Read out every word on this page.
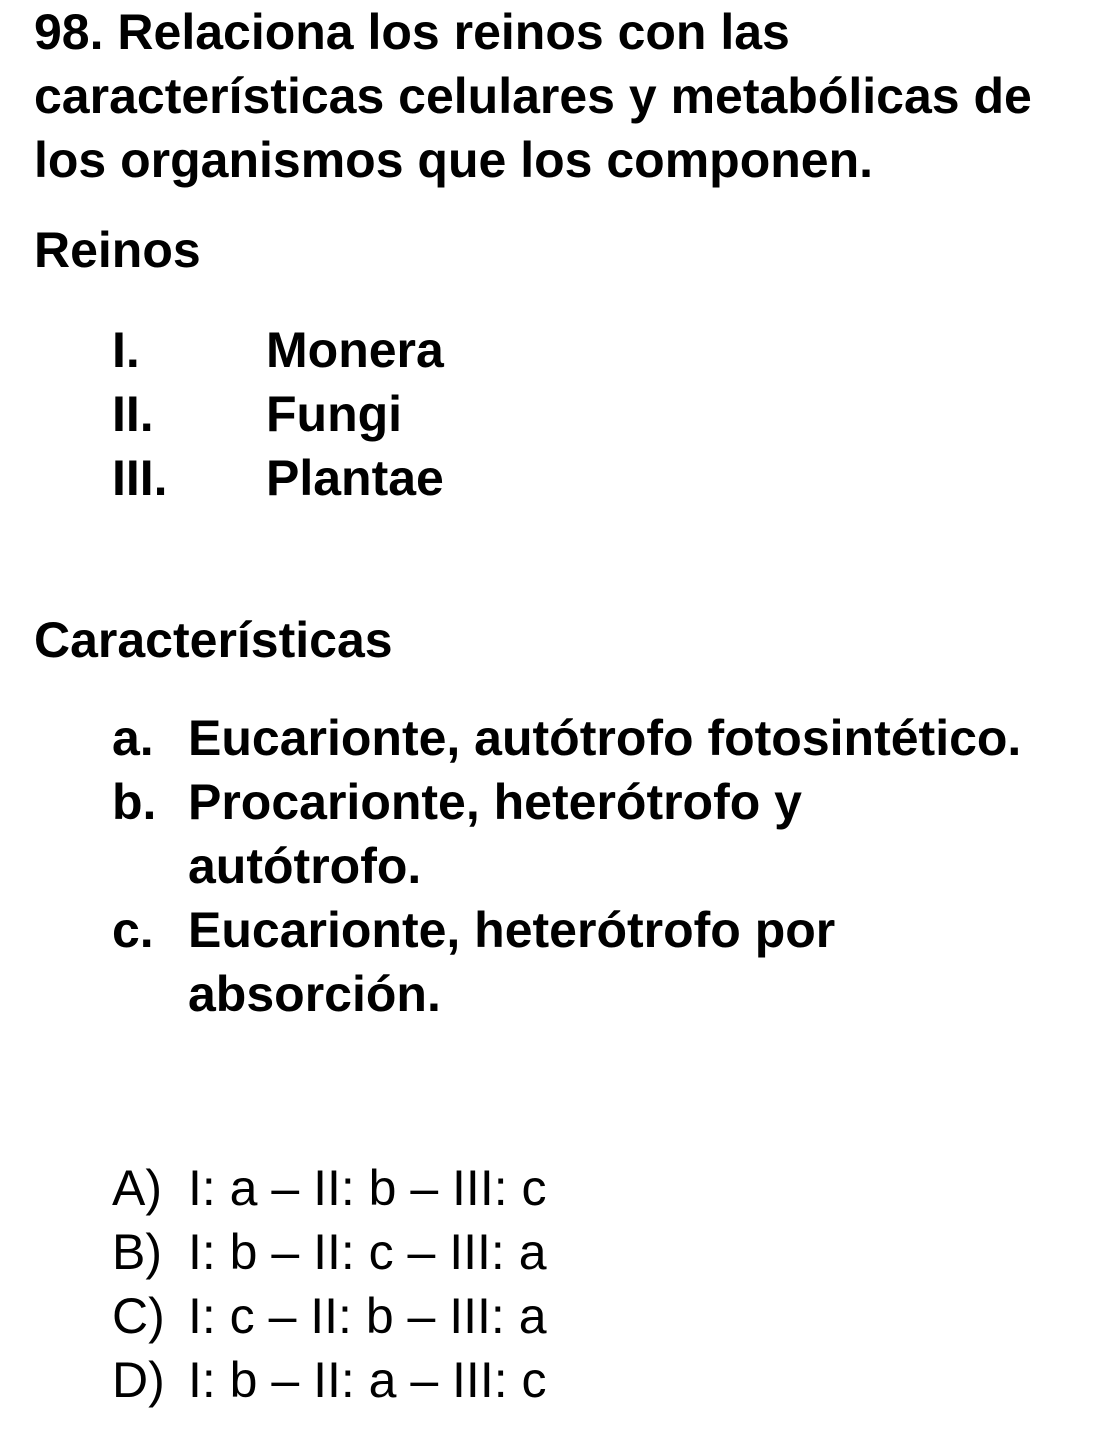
98. Relaciona los reinos con las características celulares y metabólicas de los organismos que los componen.
Reinos
I.	Monera
II. Fungi
III. Plantae
Características
a. Eucarionte, autótrofo fotosintético.
b. Procarionte, heterótrofo y autótrofo.
c. Eucarionte, heterótrofo por absorción.
A) I: a – II: b – III: c
B) I: b – II: c – III: a
C) I: c – II: b – III: a
D) I: b – II: a – III: c
